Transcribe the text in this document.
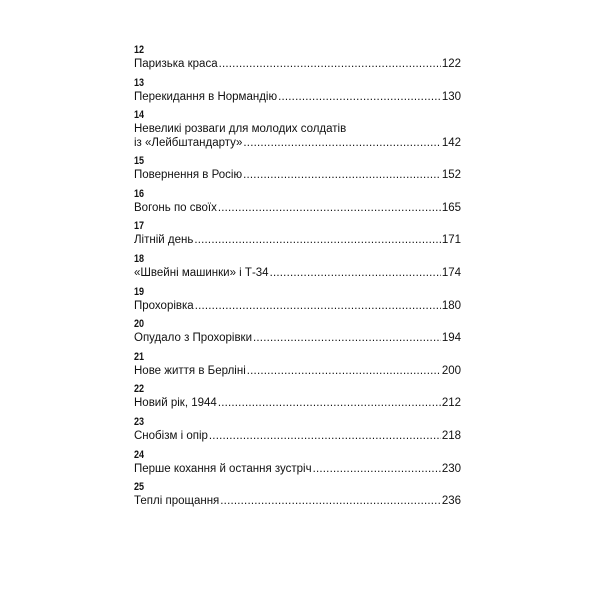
12
Паризька краса .....	122
13
Перекидання в Нормандію .....	130
14
Невеликі розваги для молодих солдатів
із «Лейбштандарту» .....	142
15
Повернення в Росію .....	152
16
Вогонь по своїх .....	165
17
Літній день .....	171
18
«Швейні машинки» і Т-34 .....	174
19
Прохорівка .....	180
20
Опудало з Прохорівки .....	194
21
Нове життя в Берліні .....	200
22
Новий рік, 1944 .....	212
23
Снобізм і опір .....	218
24
Перше кохання й остання зустріч .....	230
25
Теплі прощання .....	236
